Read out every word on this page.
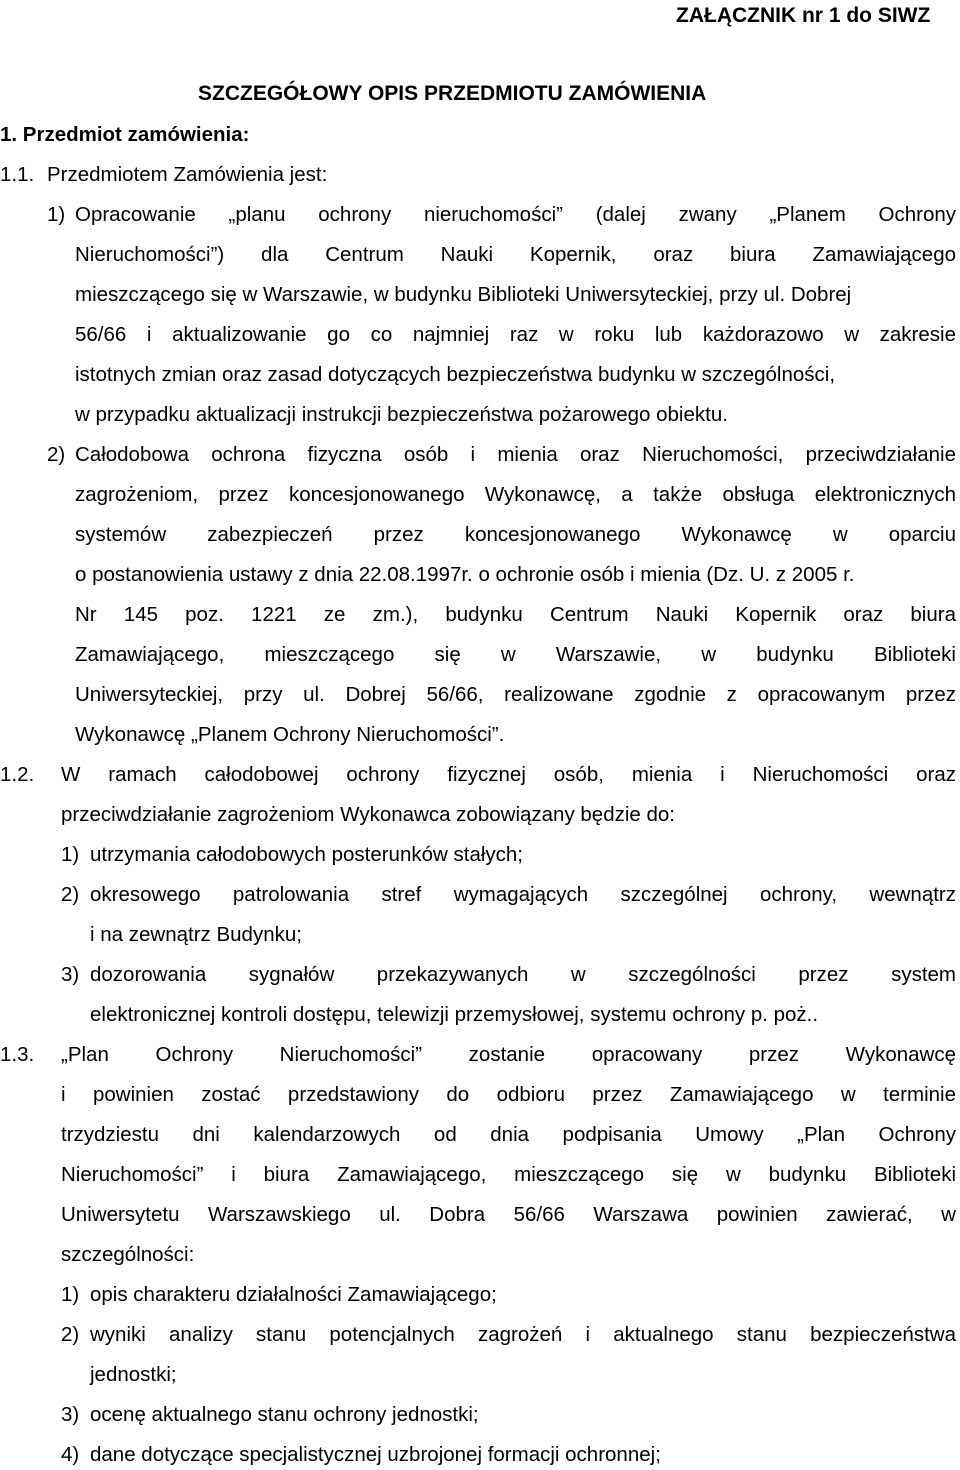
ZAŁĄCZNIK nr 1 do SIWZ
SZCZEGÓŁOWY OPIS PRZEDMIOTU ZAMÓWIENIA
1. Przedmiot zamówienia:
1.1. Przedmiotem Zamówienia jest:
1) Opracowanie „planu ochrony nieruchomości” (dalej zwany „Planem Ochrony
Nieruchomości”) dla Centrum Nauki Kopernik, oraz biura Zamawiającego
mieszczącego się w Warszawie, w budynku Biblioteki Uniwersyteckiej, przy ul. Dobrej
56/66 i aktualizowanie go co najmniej raz w roku lub każdorazowo w zakresie
istotnych zmian oraz zasad dotyczących bezpieczeństwa budynku w szczególności,
w przypadku aktualizacji instrukcji bezpieczeństwa pożarowego obiektu.
2) Całodobowa ochrona fizyczna osób i mienia oraz Nieruchomości, przeciwdziałanie
zagrożeniom, przez koncesjonowanego Wykonawcę, a także obsługa elektronicznych
systemów zabezpieczeń przez koncesjonowanego Wykonawcę w oparciu
o postanowienia ustawy z dnia 22.08.1997r. o ochronie osób i mienia (Dz. U. z 2005 r.
Nr 145 poz. 1221 ze zm.), budynku Centrum Nauki Kopernik oraz biura
Zamawiającego, mieszczącego się w Warszawie, w budynku Biblioteki
Uniwersyteckiej, przy ul. Dobrej 56/66, realizowane zgodnie z opracowanym przez
Wykonawcę „Planem Ochrony Nieruchomości”.
1.2. W ramach całodobowej ochrony fizycznej osób, mienia i Nieruchomości oraz
przeciwdziałanie zagrożeniom Wykonawca zobowiązany będzie do:
1) utrzymania całodobowych posterunków stałych;
2) okresowego patrolowania stref wymagających szczególnej ochrony, wewnątrz
i na zewnątrz Budynku;
3) dozorowania sygnałów przekazywanych w szczególności przez system
elektronicznej kontroli dostępu, telewizji przemysłowej, systemu ochrony p. poż..
1.3. „Plan Ochrony Nieruchomości” zostanie opracowany przez Wykonawcę
i powinien zostać przedstawiony do odbioru przez Zamawiającego w terminie
trzydziestu dni kalendarzowych od dnia podpisania Umowy „Plan Ochrony
Nieruchomości” i biura Zamawiającego, mieszczącego się w budynku Biblioteki
Uniwersytetu Warszawskiego ul. Dobra 56/66 Warszawa powinien zawierać, w
szczególności:
1) opis charakteru działalności Zamawiającego;
2) wyniki analizy stanu potencjalnych zagrożeń i aktualnego stanu bezpieczeństwa
jednostki;
3) ocenę aktualnego stanu ochrony jednostki;
4) dane dotyczące specjalistycznej uzbrojonej formacji ochronnej;
